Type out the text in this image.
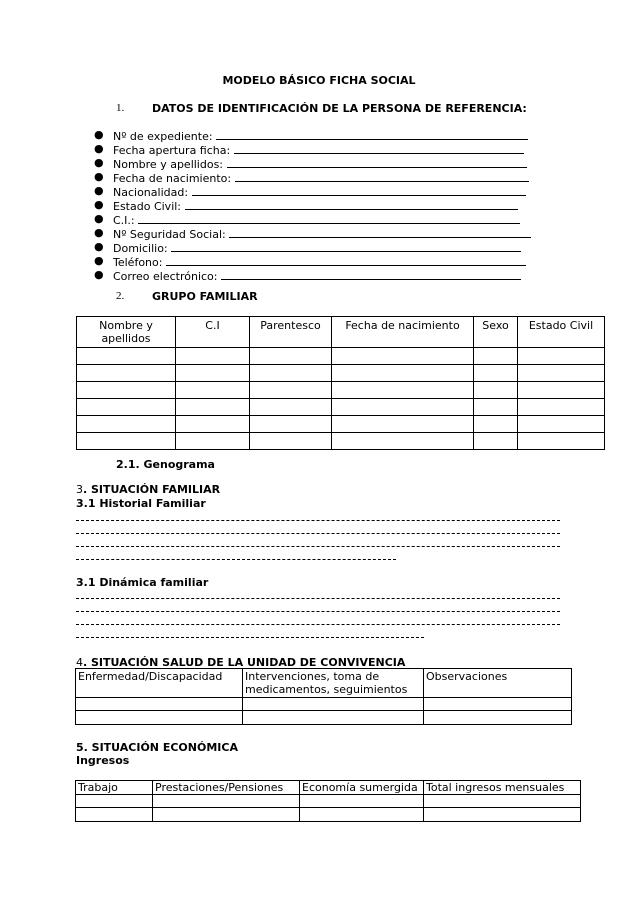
MODELO BÁSICO FICHA SOCIAL
1.	DATOS DE IDENTIFICACIÓN DE LA PERSONA DE REFERENCIA:
● Nº de expediente:
● Fecha apertura ficha:
● Nombre y apellidos:
● Fecha de nacimiento:
● Nacionalidad:
● Estado Civil:
● C.I.:
● Nº Seguridad Social:
● Domicilio:
● Teléfono:
● Correo electrónico:
2.	GRUPO FAMILIAR
Nombre y apellidos	C.I	Parentesco	Fecha de nacimiento	Sexo	Estado Civil

2.1. Genograma
3. SITUACIÓN FAMILIAR
3.1 Historial Familiar
3.1 Dinámica familiar
4. SITUACIÓN SALUD DE LA UNIDAD DE CONVIVENCIA
Enfermedad/Discapacidad	Intervenciones, toma de medicamentos, seguimientos	Observaciones

5. SITUACIÓN ECONÓMICA
Ingresos
Trabajo	Prestaciones/Pensiones	Economía sumergida	Total ingresos mensuales
